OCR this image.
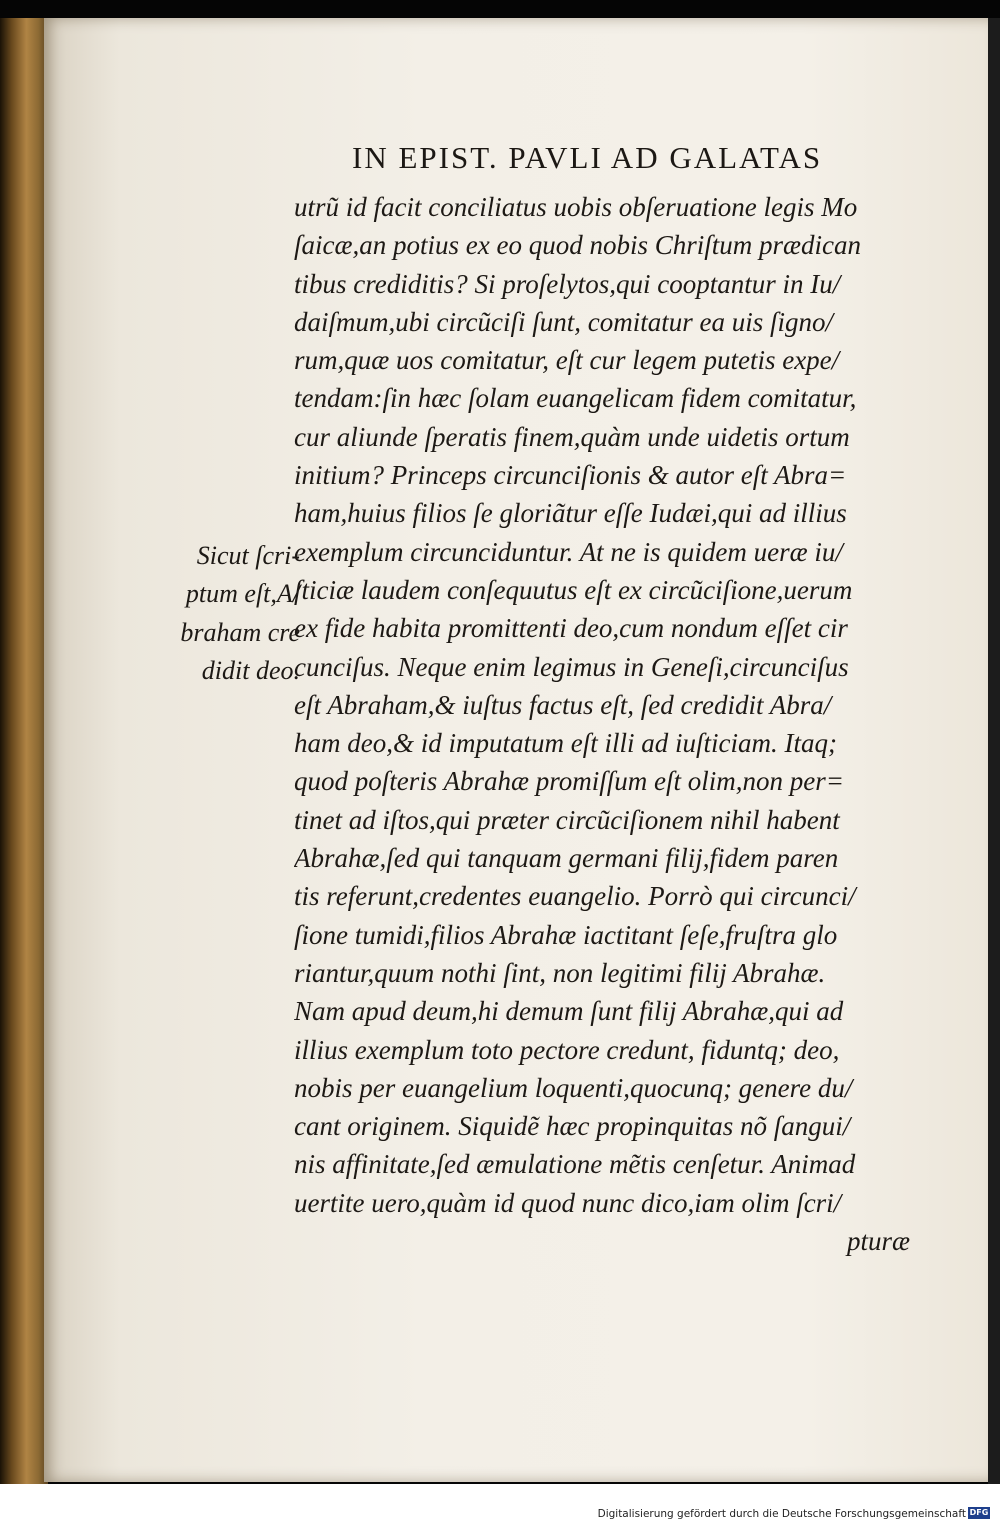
IN EPIST. PAVLI AD GALATAS
utrũ id facit conciliatus uobis obſeruatione legis Mo
ſaicæ,an potius ex eo quod nobis Chriſtum prædican
tibus crediditis? Si proſelytos,qui cooptantur in Iu/
daiſmum,ubi circũciſi ſunt, comitatur ea uis ſigno/
rum,quæ uos comitatur, eſt cur legem putetis expe/
tendam:ſin hæc ſolam euangelicam fidem comitatur,
cur aliunde ſperatis finem,quàm unde uidetis ortum
initium? Princeps circunciſionis & autor eſt Abra=
ham,huius filios ſe gloriãtur eſſe Iudæi,qui ad illius
exemplum circunciduntur. At ne is quidem ueræ iu/
ſticiæ laudem conſequutus eſt ex circũciſione,uerum
ex fide habita promittenti deo,cum nondum eſſet cir
cunciſus. Neque enim legimus in Geneſi,circunciſus
eſt Abraham,& iuſtus factus eſt, ſed credidit Abra/
ham deo,& id imputatum eſt illi ad iuſticiam. Itaq;
quod poſteris Abrahæ promiſſum eſt olim,non per=
tinet ad iſtos,qui præter circũciſionem nihil habent
Abrahæ,ſed qui tanquam germani filij,fidem paren
tis referunt,credentes euangelio. Porrò qui circunci/
ſione tumidi,filios Abrahæ iactitant ſeſe,fruſtra glo
riantur,quum nothi ſint, non legitimi filij Abrahæ.
Nam apud deum,hi demum ſunt filij Abrahæ,qui ad
illius exemplum toto pectore credunt, fiduntq; deo,
nobis per euangelium loquenti,quocunq; genere du/
cant originem. Siquidẽ hæc propinquitas nõ ſangui/
nis affinitate,ſed æmulatione mẽtis cenſetur. Animad
uertite uero,quàm id quod nunc dico,iam olim ſcri/
pturæ
Sicut ſcri-
ptum eſt,A/
braham cre
didit deo.
Digitalisierung gefördert durch die Deutsche Forschungsgemeinschaft DFG
